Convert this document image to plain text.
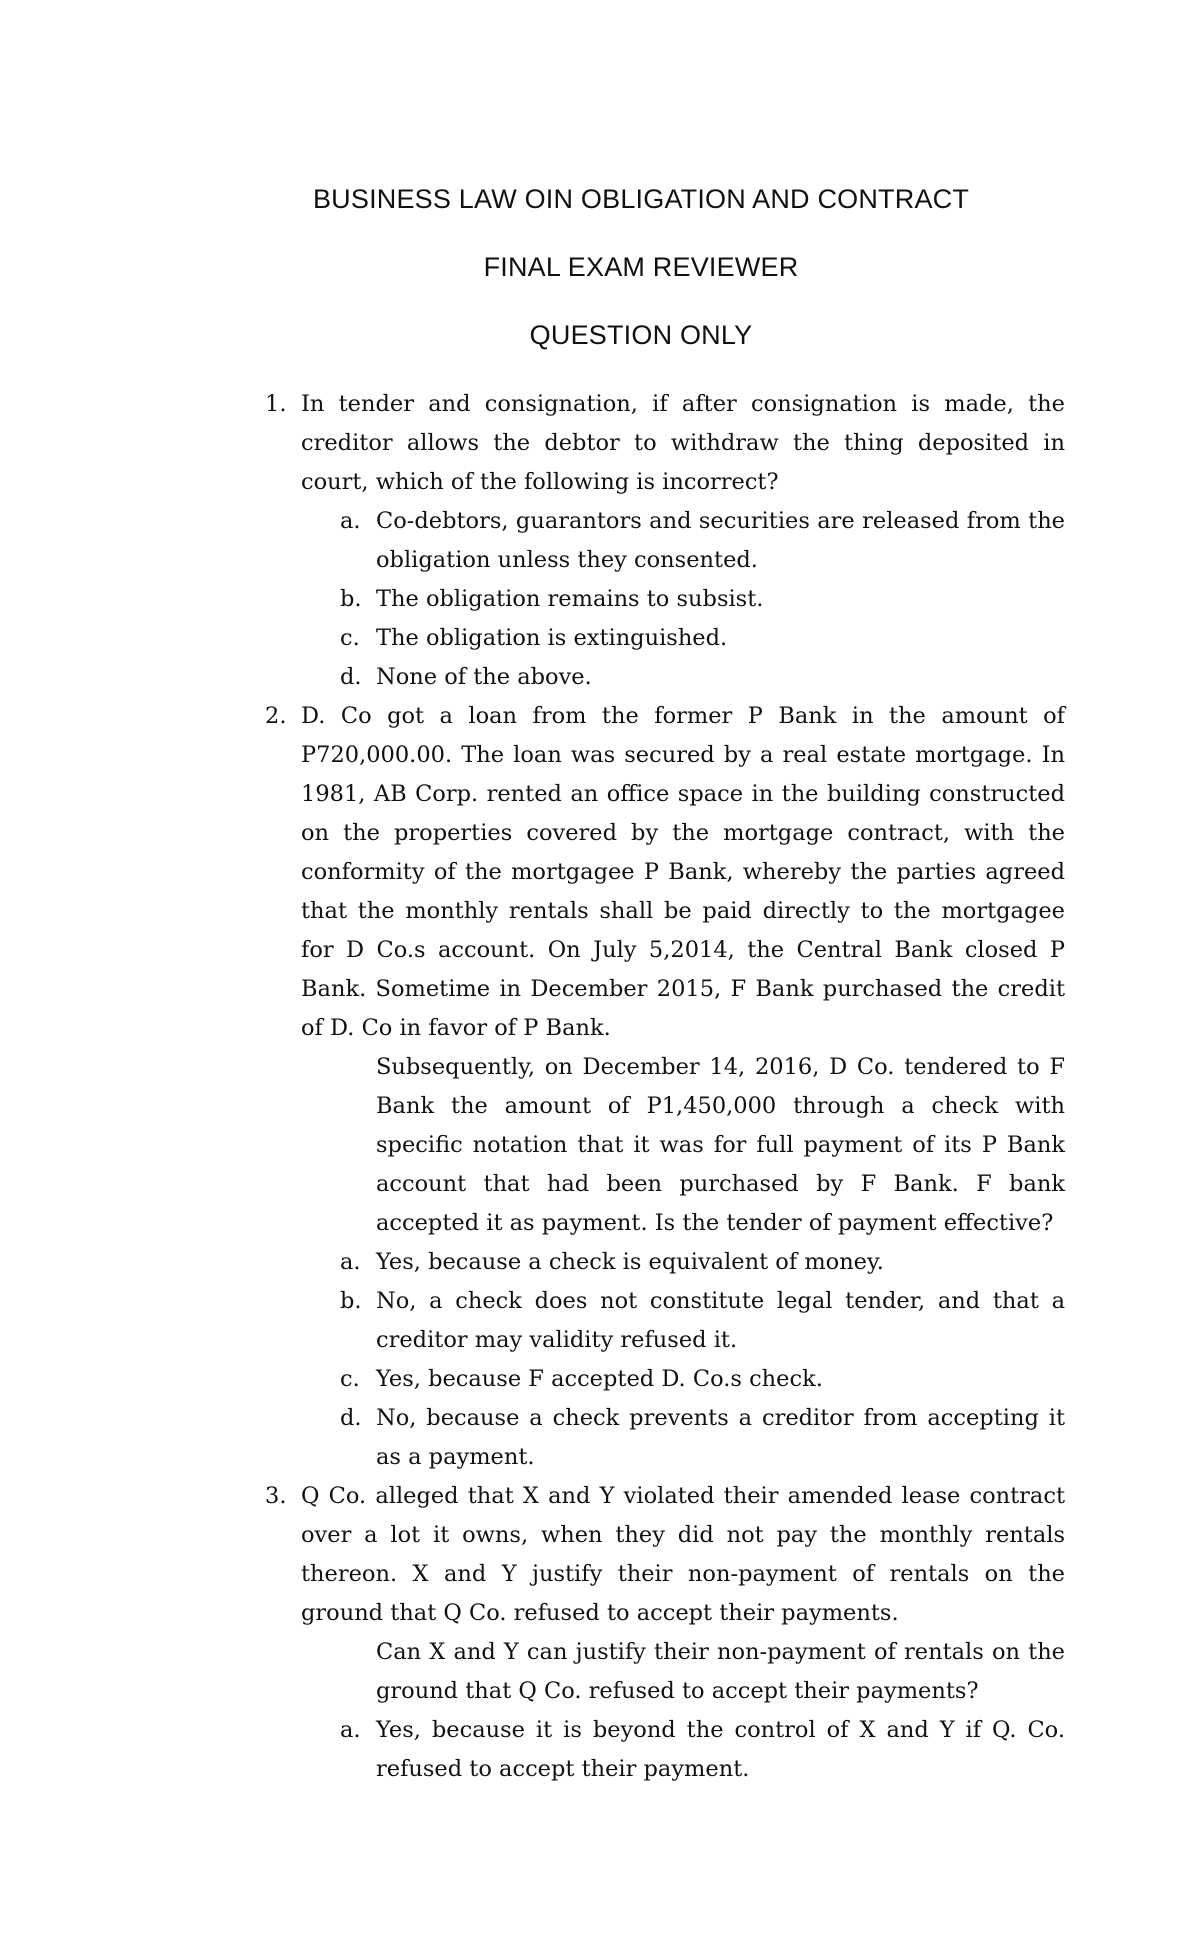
BUSINESS LAW OIN OBLIGATION AND CONTRACT
FINAL EXAM REVIEWER
QUESTION ONLY
1. In tender and consignation, if after consignation is made, the creditor allows the debtor to withdraw the thing deposited in court, which of the following is incorrect?

a. Co-debtors, guarantors and securities are released from the obligation unless they consented.
b. The obligation remains to subsist.
c. The obligation is extinguished.
d. None of the above.
2. D. Co got a loan from the former P Bank in the amount of P720,000.00. The loan was secured by a real estate mortgage. In 1981, AB Corp. rented an office space in the building constructed on the properties covered by the mortgage contract, with the conformity of the mortgagee P Bank, whereby the parties agreed that the monthly rentals shall be paid directly to the mortgagee for D Co.s account. On July 5,2014, the Central Bank closed P Bank. Sometime in December 2015, F Bank purchased the credit of D. Co in favor of P Bank.

Subsequently, on December 14, 2016, D Co. tendered to F Bank the amount of P1,450,000 through a check with specific notation that it was for full payment of its P Bank account that had been purchased by F Bank. F bank accepted it as payment. Is the tender of payment effective?

a. Yes, because a check is equivalent of money.
b. No, a check does not constitute legal tender, and that a creditor may validity refused it.
c. Yes, because F accepted D. Co.s check.
d. No, because a check prevents a creditor from accepting it as a payment.
3. Q Co. alleged that X and Y violated their amended lease contract over a lot it owns, when they did not pay the monthly rentals thereon. X and Y justify their non-payment of rentals on the ground that Q Co. refused to accept their payments.

Can X and Y can justify their non-payment of rentals on the ground that Q Co. refused to accept their payments?

a. Yes, because it is beyond the control of X and Y if Q. Co. refused to accept their payment.
